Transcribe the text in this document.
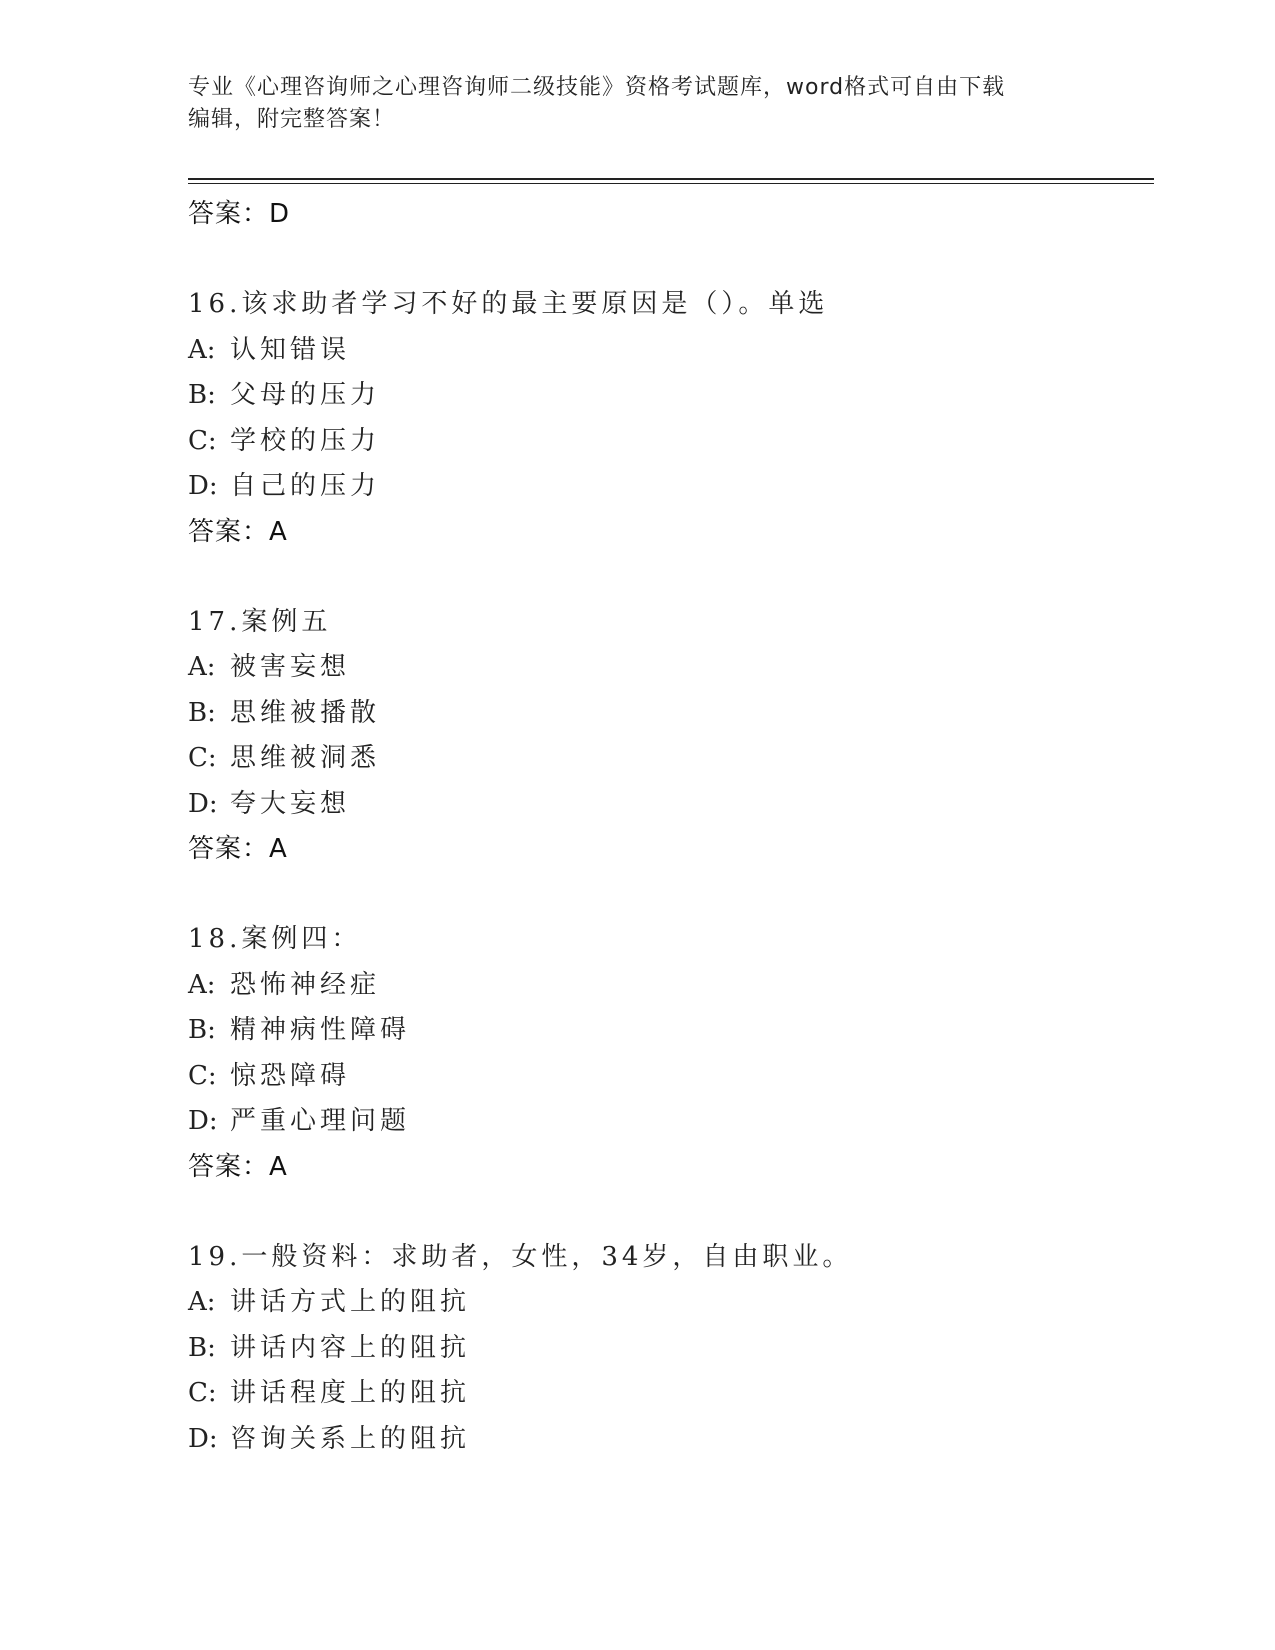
专业《心理咨询师之心理咨询师二级技能》资格考试题库，word格式可自由下载
编辑，附完整答案！
答案：D
16.该求助者学习不好的最主要原因是（）。单选
A: 认知错误
B: 父母的压力
C: 学校的压力
D: 自己的压力
答案：A
17.案例五
A: 被害妄想
B: 思维被播散
C: 思维被洞悉
D: 夸大妄想
答案：A
18.案例四：
A: 恐怖神经症
B: 精神病性障碍
C: 惊恐障碍
D: 严重心理问题
答案：A
19.一般资料：求助者，女性，34岁，自由职业。
A: 讲话方式上的阻抗
B: 讲话内容上的阻抗
C: 讲话程度上的阻抗
D: 咨询关系上的阻抗
